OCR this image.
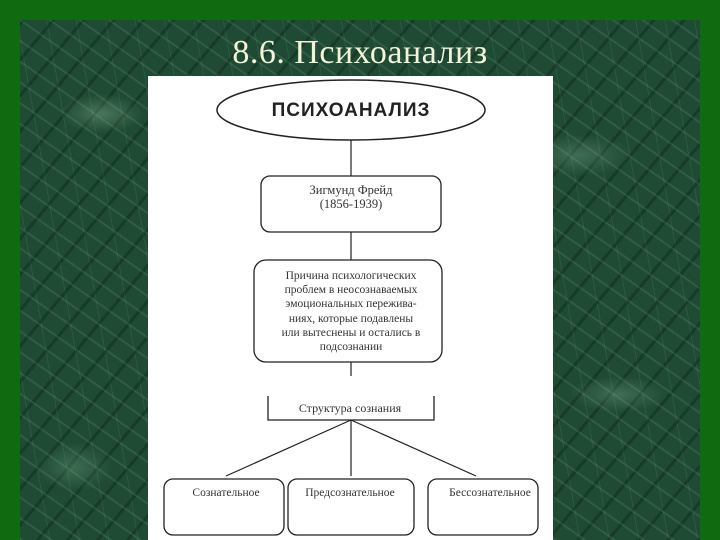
8.6. Психоанализ
ПСИХОАНАЛИЗ
Зигмунд Фрейд
(1856-1939)
Причина психологических
проблем в неосознаваемых
эмоциональных пережива-
ниях, которые подавлены
или вытеснены и остались в
подсознании
Структура сознания
Сознательное	Предсознательное	Бессознательное
